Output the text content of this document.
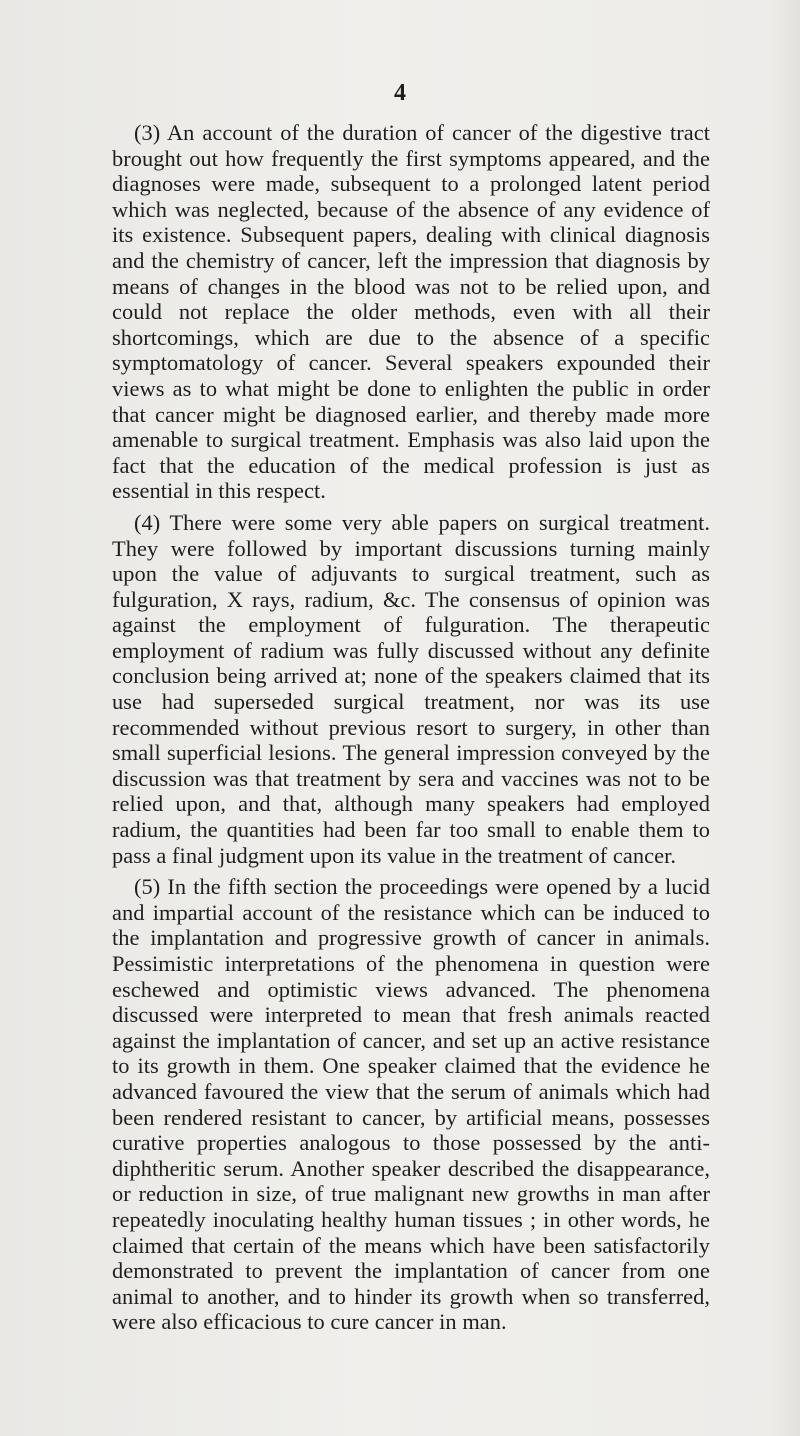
4

(3) An account of the duration of cancer of the digestive tract brought out how frequently the first symptoms appeared, and the diagnoses were made, subsequent to a prolonged latent period which was neglected, because of the absence of any evidence of its existence. Subsequent papers, dealing with clinical diagnosis and the chemistry of cancer, left the impression that diagnosis by means of changes in the blood was not to be relied upon, and could not replace the older methods, even with all their shortcomings, which are due to the absence of a specific symptomatology of cancer. Several speakers expounded their views as to what might be done to enlighten the public in order that cancer might be diagnosed earlier, and thereby made more amenable to surgical treatment. Emphasis was also laid upon the fact that the education of the medical profession is just as essential in this respect.

(4) There were some very able papers on surgical treatment. They were followed by important discussions turning mainly upon the value of adjuvants to surgical treatment, such as fulguration, X rays, radium, &c. The consensus of opinion was against the employment of fulguration. The therapeutic employment of radium was fully discussed without any definite conclusion being arrived at; none of the speakers claimed that its use had superseded surgical treatment, nor was its use recommended without previous resort to surgery, in other than small superficial lesions. The general impression conveyed by the discussion was that treatment by sera and vaccines was not to be relied upon, and that, although many speakers had employed radium, the quantities had been far too small to enable them to pass a final judgment upon its value in the treatment of cancer.

(5) In the fifth section the proceedings were opened by a lucid and impartial account of the resistance which can be induced to the implantation and progressive growth of cancer in animals. Pessimistic interpretations of the phenomena in question were eschewed and optimistic views advanced. The phenomena discussed were interpreted to mean that fresh animals reacted against the implantation of cancer, and set up an active resistance to its growth in them. One speaker claimed that the evidence he advanced favoured the view that the serum of animals which had been rendered resistant to cancer, by artificial means, possesses curative properties analogous to those possessed by the anti-diphtheritic serum. Another speaker described the disappearance, or reduction in size, of true malignant new growths in man after repeatedly inoculating healthy human tissues ; in other words, he claimed that certain of the means which have been satisfactorily demonstrated to prevent the implantation of cancer from one animal to another, and to hinder its growth when so transferred, were also efficacious to cure cancer in man.
